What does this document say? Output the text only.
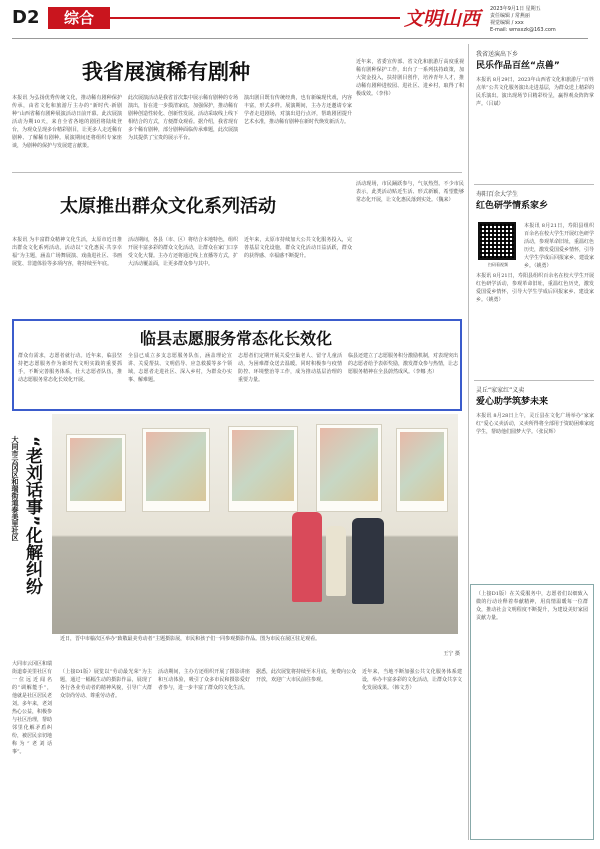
D2	综合	文明山西	2023年9月1日 星期五
责任编辑 / 常燕丽
视觉编辑 / xxx
E-mail: wmsxzk@163.com
我省展演稀有剧种
本报讯 为弘扬优秀传统文化，推动稀有剧种保护传承，由省文化和旅游厅主办的“新时代·新剧种”山西省稀有剧种展演活动日前开幕。此次展演活动为期10天，来自全省各地的剧团将陆续登台，为观众呈现多台精彩剧目，让更多人走近稀有剧种、了解稀有剧种。展演期间还将组织专家座谈，为剧种的保护与发展建言献策。
此次展演活动是我省首次集中展示稀有剧种的专场演出，旨在进一步摸清家底，加强保护，推动稀有剧种创造性转化、创新性发展。活动采取线上线下相结合的方式，方便群众观看。据介绍，我省现有多个稀有剧种，部分剧种面临传承难题，此次展演为其提供了宝贵的展示平台。
演出剧目既有传统经典，也有新编现代戏，内容丰富，形式多样。展演期间，主办方还邀请专家学者走进剧场，对演出进行点评，帮助剧团提升艺术水准，推动稀有剧种在新时代焕发新活力。
近年来，省委宣传部、省文化和旅游厅高度重视稀有剧种保护工作，出台了一系列扶持政策，加大资金投入，扶持剧目创作，培养青年人才，推动稀有剧种进校园、进社区、进乡村，取得了积极成效。（李伟）
太原推出群众文化系列活动
本报讯 为丰富群众精神文化生活，太原市近日推出群众文化系列活动。活动以“文化惠民·共享幸福”为主题，涵盖广场舞展演、戏曲进社区、书画展览、非遗体验等多项内容，将持续至年底。
活动期间，各县（市、区）将结合本地特色，组织开展丰富多彩的群众文化活动，让群众在家门口享受文化大餐。主办方还将通过线上直播等方式，扩大活动覆盖面，让更多群众参与其中。
近年来，太原市持续加大公共文化服务投入，完善基层文化设施，群众文化活动日益活跃，群众的获得感、幸福感不断提升。
活动现场，市民踊跃参与，气氛热烈。不少市民表示，此类活动贴近生活、形式新颖，希望能够常态化开展，让文化惠民落到实处。（魏来）
临县志愿服务常态化长效化
群众有需求，志愿者就行动。近年来，临县坚持把志愿服务作为新时代文明实践的重要抓手，不断完善服务体系，壮大志愿者队伍，推动志愿服务常态化长效化开展。
全县已成立多支志愿服务队伍，涵盖理论宣讲、关爱帮扶、文明倡导、应急救援等多个领域，志愿者走进社区、深入乡村，为群众办实事、解难题。
志愿者们定期开展关爱空巢老人、留守儿童活动，为困难群众送去温暖。同时积极参与疫情防控、环境整治等工作，成为推动基层治理的重要力量。
临县还建立了志愿服务积分激励机制，对表现突出的志愿者给予表彰奖励，激发群众参与热情，让志愿服务精神在全县蔚然成风。（李娜 杰）
“老刘话事”化解纠纷
大同市云冈区和瑞街道泰美里社区
大同市云冈区和瑞街道泰美里社区有一位远近闻名的“调解能手”，他就是社区居民老刘。多年来，老刘热心公益，积极参与社区治理，帮助邻里化解矛盾纠纷，被居民亲切地称为“老刘话事”。
近日，晋中市榆次区举办“致敬最美劳动者”主题摄影展，市民和孩子们一同参观摄影作品。图为市民在展区驻足观看。
王宁 摄
（上接D1版）展览以“劳动最光荣”为主题，通过一幅幅生动的摄影作品，展现了各行各业劳动者的精神风貌，引导广大群众崇尚劳动、尊重劳动者。
活动期间，主办方还组织开展了摄影讲座和互动体验，吸引了众多市民和摄影爱好者参与，进一步丰富了群众的文化生活。
据悉，此次展览将持续至本月底，免费向公众开放，欢迎广大市民前往参观。
近年来，当地不断加强公共文化服务体系建设，举办丰富多彩的文化活动，让群众共享文化发展成果。（韩文芳）
我省送演出下乡
民乐作品百丝“点兽”
本报讯 8月29日，2023年山西省文化和旅游厅“百姓点单”公共文化服务演出走进基层，为群众送上精彩的民乐演出。演出现场节目精彩纷呈，赢得观众阵阵掌声。（吕斌）
寿阳百余大学生
红色研学情系家乡
扫码看视频
本报讯 8月21日，寿阳县组织百余名在校大学生开展红色研学活动，参观革命旧址，重温红色历史，激发爱国爱乡情怀，引导大学生学成后回报家乡、建设家乡。（姚勇）
本报讯 8月21日，寿阳县组织百余名在校大学生开展红色研学活动，参观革命旧址，重温红色历史，激发爱国爱乡情怀，引导大学生学成后回报家乡、建设家乡。（姚勇）
灵丘“家家红”义卖
爱心助学筑梦未来
本报讯 8月28日上午，灵丘县在文化广场举办“家家红”爱心义卖活动，义卖所得将全部用于资助困难家庭学生，帮助他们圆梦大学。（张民辉）
（上接D1版）在关爱服务中，志愿者们以细致入微的行动诠释着奉献精神，用真情温暖每一位群众，推动社会文明程度不断提升，为建设美好家园贡献力量。
